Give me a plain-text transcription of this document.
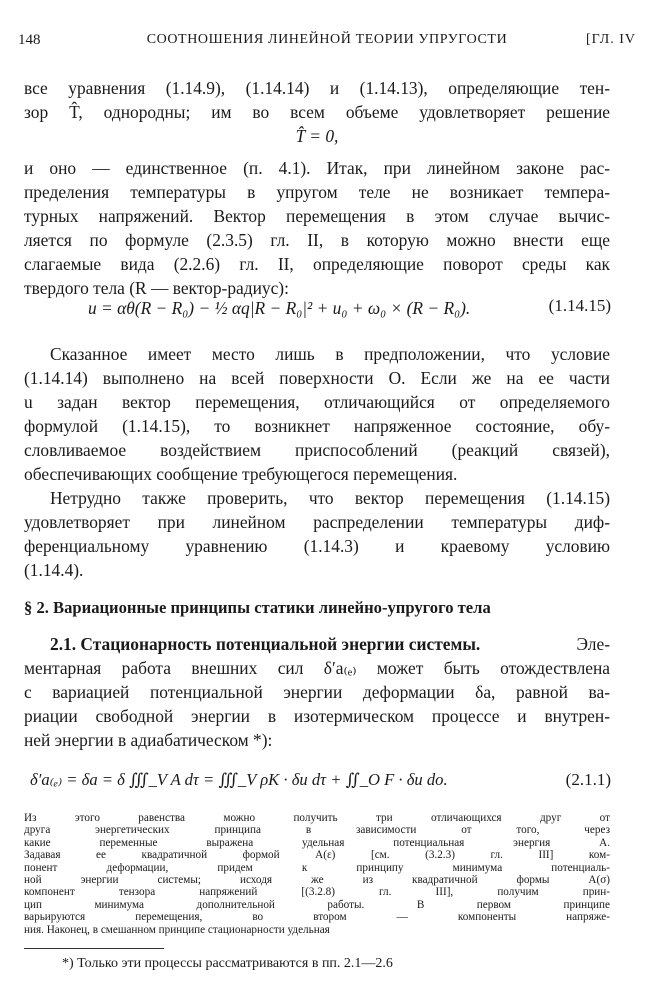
148	СООТНОШЕНИЯ ЛИНЕЙНОЙ ТЕОРИИ УПРУГОСТИ	[ГЛ. IV
все уравнения (1.14.9), (1.14.14) и (1.14.13), определяющие тен-
зор T̂, однородны; им во всем объеме удовлетворяет решение
T̂ = 0,
и оно — единственное (п. 4.1). Итак, при линейном законе рас-
пределения температуры в упругом теле не возникает темпера-
турных напряжений. Вектор перемещения в этом случае вычис-
ляется по формуле (2.3.5) гл. II, в которую можно внести еще
слагаемые вида (2.2.6) гл. II, определяющие поворот среды как
твердого тела (R — вектор-радиус):
u = αθ(R − R₀) − ½ αq|R − R₀|² + u₀ + ω₀ × (R − R₀).	(1.14.15)
Сказанное имеет место лишь в предположении, что условие
(1.14.14) выполнено на всей поверхности O. Если же на ее части
u задан вектор перемещения, отличающийся от определяемого
формулой (1.14.15), то возникнет напряженное состояние, обу-
словливаемое воздействием приспособлений (реакций связей),
обеспечивающих сообщение требующегося перемещения.
Нетрудно также проверить, что вектор перемещения (1.14.15)
удовлетворяет при линейном распределении температуры диф-
ференциальному уравнению (1.14.3) и краевому условию
(1.14.4).
§ 2. Вариационные принципы статики линейно-упругого тела
2.1. Стационарность потенциальной энергии системы.	Эле-
ментарная работа внешних сил δ′a₍ₑ₎ может быть отождествлена
с вариацией потенциальной энергии деформации δa, равной ва-
риации свободной энергии в изотермическом процессе и внутрен-
ней энергии в адиабатическом *):
δ′a₍ₑ₎ = δa = δ ∭_V A dτ = ∭_V ρK · δu dτ + ∬_O F · δu do.	(2.1.1)
*) Только эти процессы рассматриваются в пп. 2.1—2.6
Из этого равенства можно получить три отличающихся друг от
друга энергетических принципа в зависимости от того, через
какие переменные выражена удельная потенциальная энергия A.
Задавая ее квадратичной формой A(ε) [см. (3.2.3) гл. III] ком-
понент деформации, придем к принципу минимума потенциаль-
ной энергии системы; исходя же из квадратичной формы A(σ)
компонент тензора напряжений [(3.2.8) гл. III], получим прин-
цип минимума дополнительной работы. В первом принципе
варьируются перемещения, во втором — компоненты напряже-
ния. Наконец, в смешанном принципе стационарности удельная
